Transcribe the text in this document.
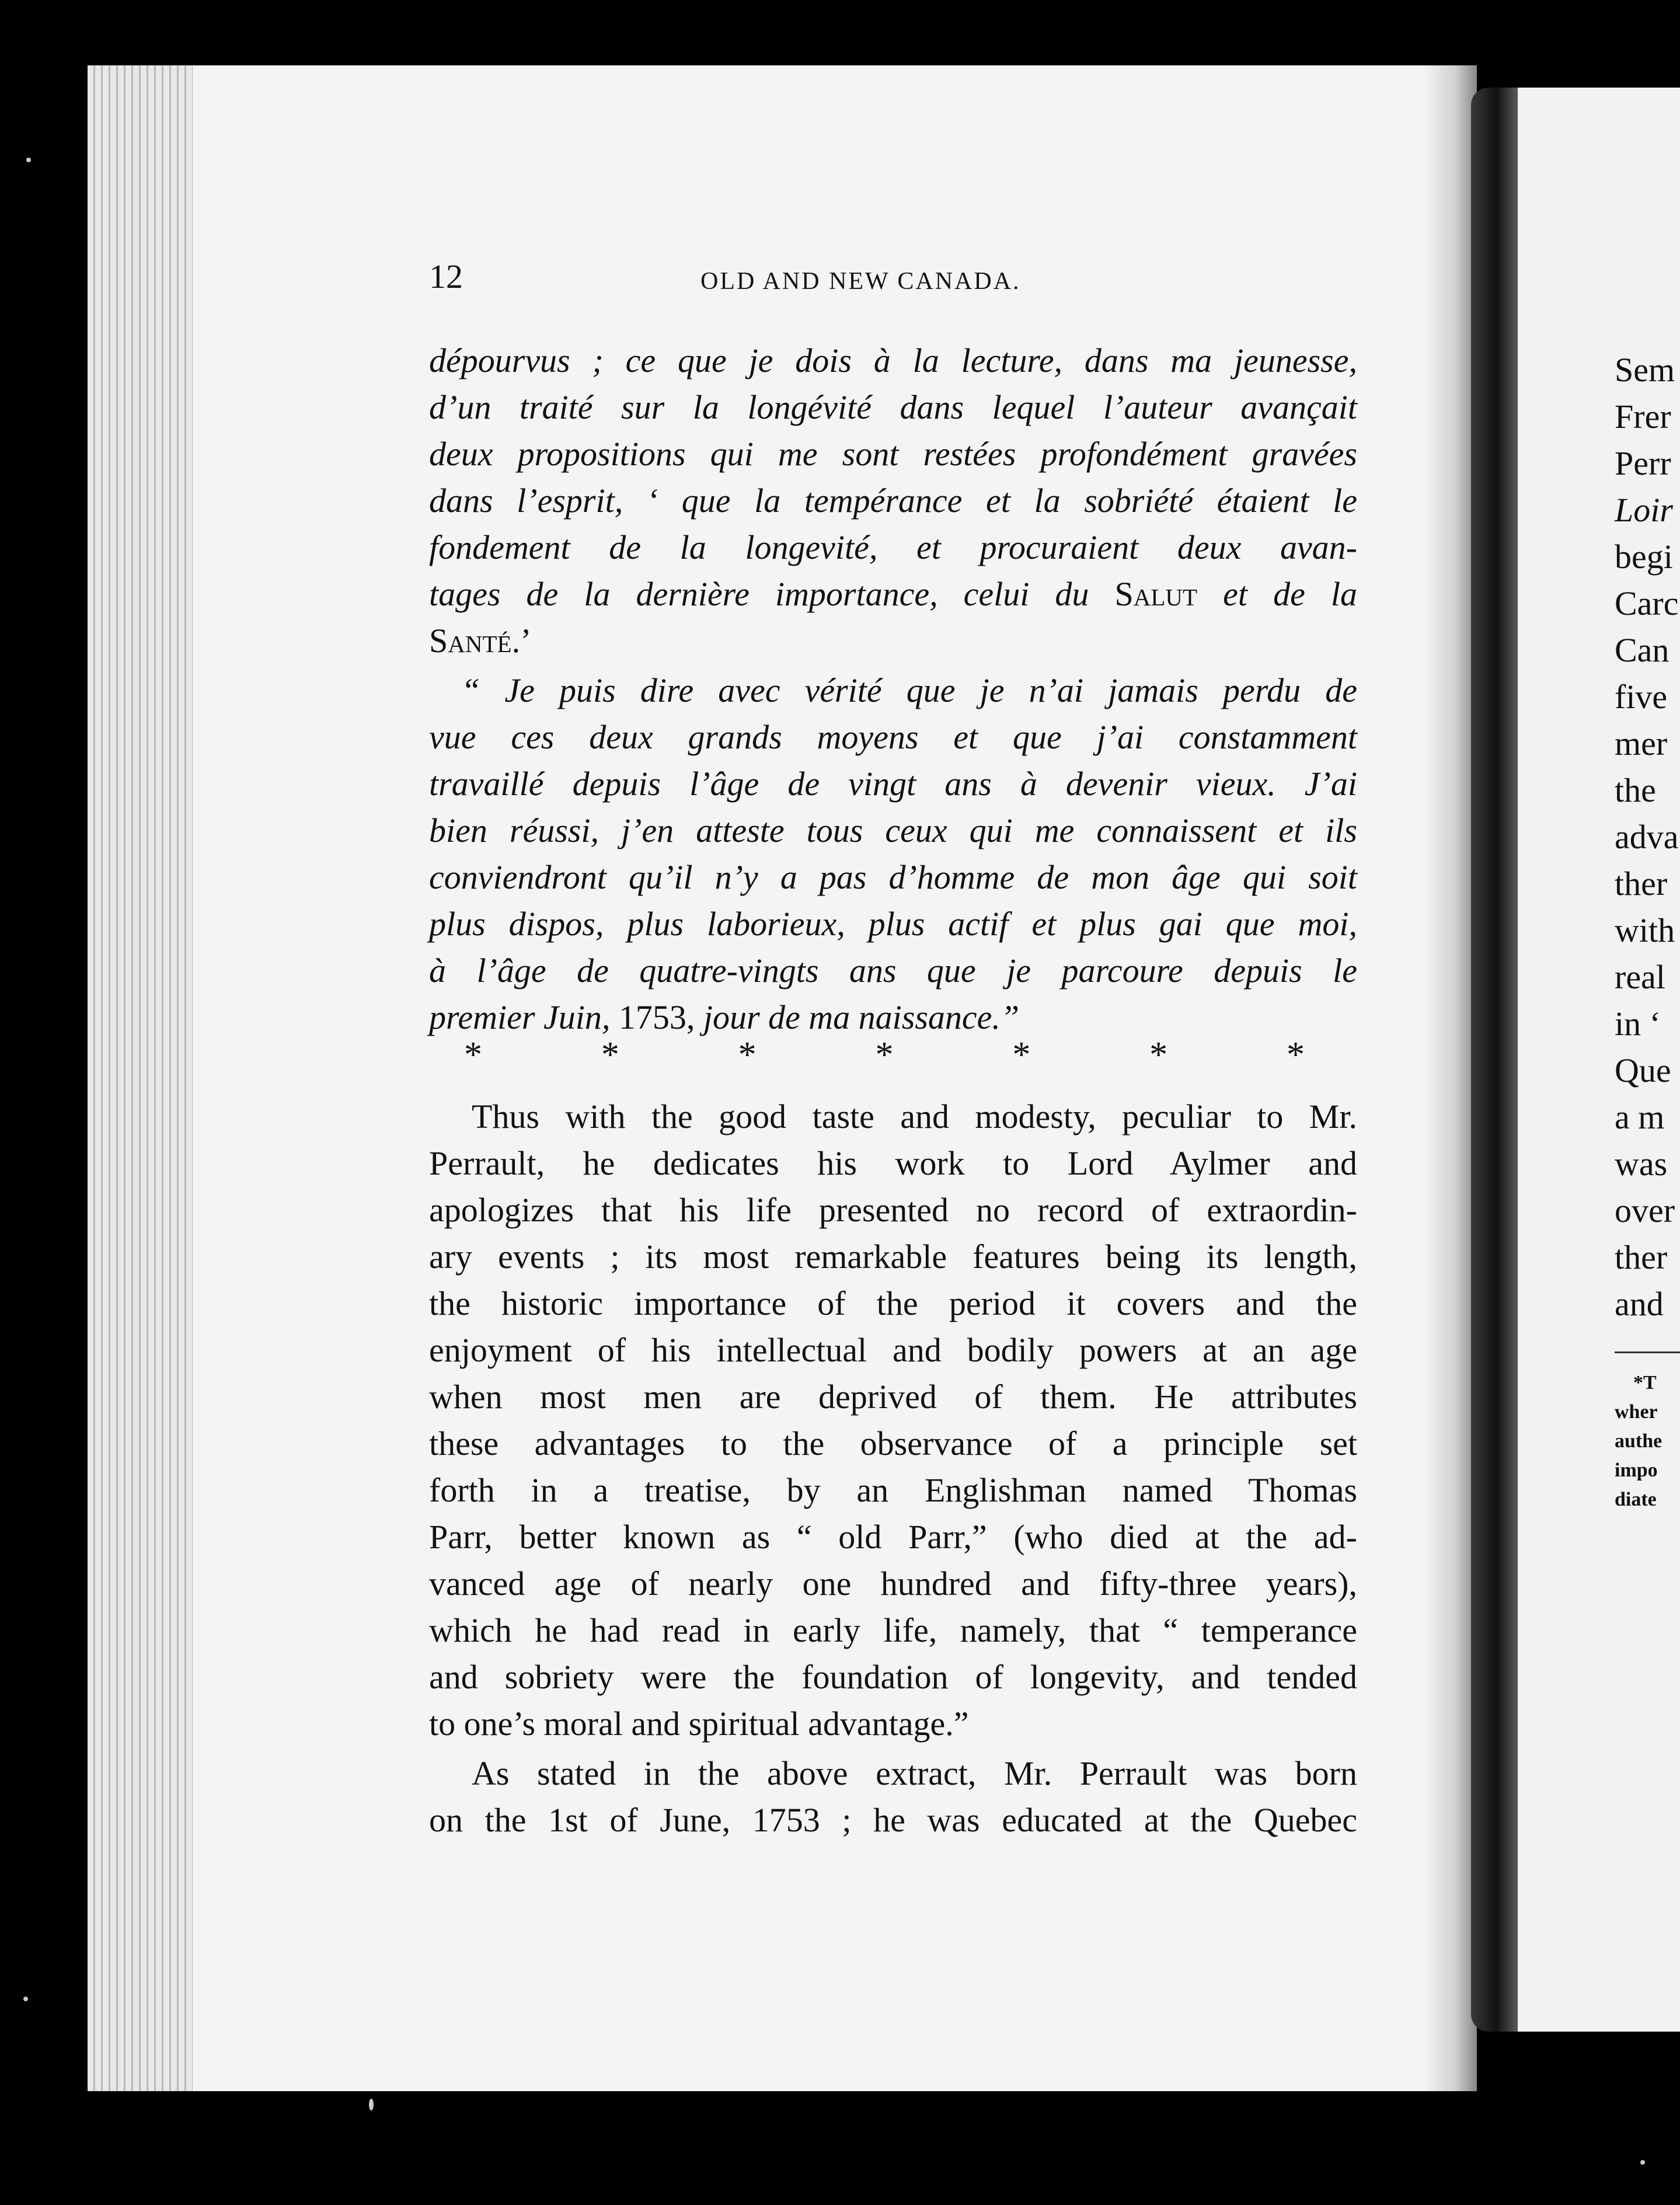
Sem
Frer
Perr
Loir
begi
Carc
Can
five
mer
the
adva
ther
with
real
in ‘
Que
a m
was
over
ther
and
*T
wher
authe
impo
diate
12	OLD AND NEW CANADA.
dépourvus ; ce que je dois à la lecture, dans ma jeunesse,
d’un traité sur la longévité dans lequel l’auteur avançait
deux propositions qui me sont restées profondément gravées
dans l’esprit, ‘ que la tempérance et la sobriété étaient le
fondement de la longevité, et procuraient deux avan-
tages de la dernière importance, celui du Salut et de la
Santé.’
“ Je puis dire avec vérité que je n’ai jamais perdu de
vue ces deux grands moyens et que j’ai constamment
travaillé depuis l’âge de vingt ans à devenir vieux. J’ai
bien réussi, j’en atteste tous ceux qui me connaissent et ils
conviendront qu’il n’y a pas d’homme de mon âge qui soit
plus dispos, plus laborieux, plus actif et plus gai que moi,
à l’âge de quatre-vingts ans que je parcoure depuis le
premier Juin, 1753, jour de ma naissance.”
*	*	*	*	*	*	*
Thus with the good taste and modesty, peculiar to Mr.
Perrault, he dedicates his work to Lord Aylmer and
apologizes that his life presented no record of extraordin-
ary events ; its most remarkable features being its length,
the historic importance of the period it covers and the
enjoyment of his intellectual and bodily powers at an age
when most men are deprived of them. He attributes
these advantages to the observance of a principle set
forth in a treatise, by an Englishman named Thomas
Parr, better known as “ old Parr,” (who died at the ad-
vanced age of nearly one hundred and fifty-three years),
which he had read in early life, namely, that “ temperance
and sobriety were the foundation of longevity, and tended
to one’s moral and spiritual advantage.”
As stated in the above extract, Mr. Perrault was born
on the 1st of June, 1753 ; he was educated at the Quebec
